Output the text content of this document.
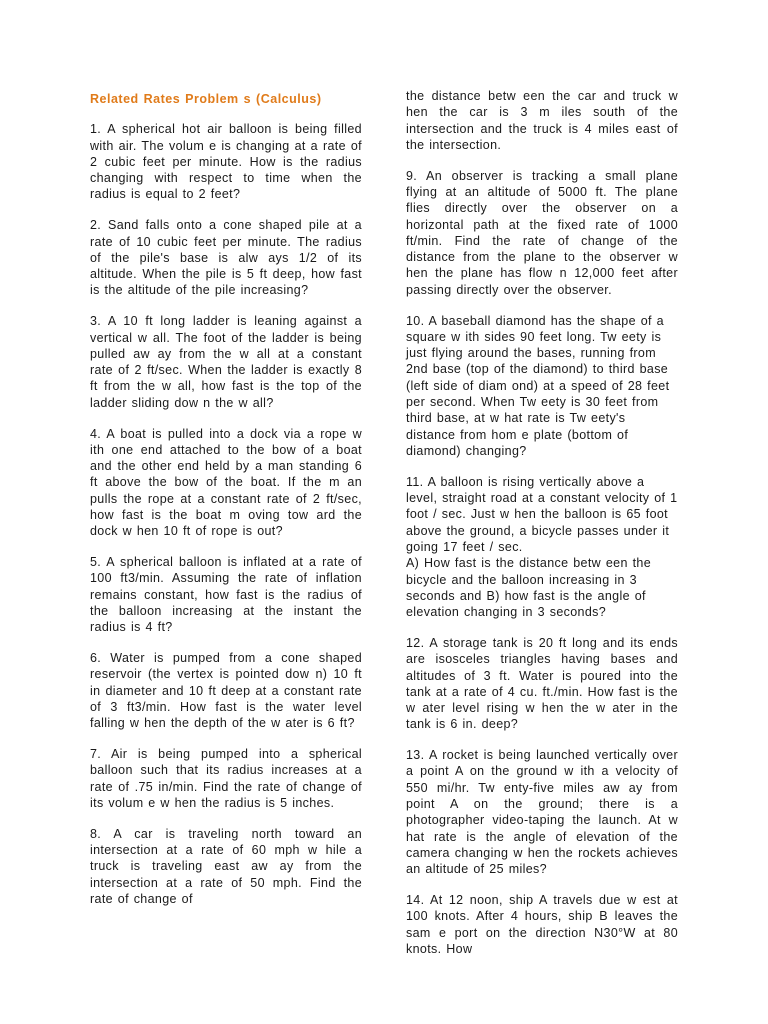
Related Rates Problem s (Calculus)

1. A spherical hot air balloon is being filled with air. The volum e is changing at a rate of 2 cubic feet per minute. How is the radius changing with respect to time when the radius is equal to 2 feet?

2. Sand falls onto a cone shaped pile at a rate of 10 cubic feet per minute. The radius of the pile's base is alw ays 1/2 of its altitude. When the pile is 5 ft deep, how fast is the altitude of the pile increasing?

3. A 10 ft long ladder is leaning against a vertical w all. The foot of the ladder is being pulled aw ay from the w all at a constant rate of 2 ft/sec. When the ladder is exactly 8 ft from the w all, how fast is the top of the ladder sliding dow n the w all?

4. A boat is pulled into a dock via a rope w ith one end attached to the bow of a boat and the other end held by a man standing 6 ft above the bow of the boat. If the m an pulls the rope at a constant rate of 2 ft/sec, how fast is the boat m oving tow ard the dock w hen 10 ft of rope is out?

5. A spherical balloon is inflated at a rate of 100 ft3/min. Assuming the rate of inflation remains constant, how fast is the radius of the balloon increasing at the instant the radius is 4 ft?

6. Water is pumped from a cone shaped reservoir (the vertex is pointed dow n) 10 ft in diameter and 10 ft deep at a constant rate of 3 ft3/min. How fast is the water level falling w hen the depth of the w ater is 6 ft?

7. Air is being pumped into a spherical balloon such that its radius increases at a rate of .75 in/min. Find the rate of change of its volum e w hen the radius is 5 inches.

8. A car is traveling north toward an intersection at a rate of 60 mph w hile a truck is traveling east aw ay from the intersection at a rate of 50 mph. Find the rate of change of

the distance betw een the car and truck w hen the car is 3 m iles south of the intersection and the truck is 4 miles east of the intersection.

9. An observer is tracking a small plane flying at an altitude of 5000 ft. The plane flies directly over the observer on a horizontal path at the fixed rate of 1000 ft/min. Find the rate of change of the distance from the plane to the observer w hen the plane has flow n 12,000 feet after passing directly over the observer.

10. A baseball diamond has the shape of a square w ith sides 90 feet long. Tw eety is just flying around the bases, running from 2nd base (top of the diamond) to third base (left side of diam ond) at a speed of 28 feet per second. When Tw eety is 30 feet from third base, at w hat rate is Tw eety's distance from hom e plate (bottom of diamond) changing?

11. A balloon is rising vertically above a level, straight road at a constant velocity of 1 foot / sec. Just w hen the balloon is 65 foot above the ground, a bicycle passes under it going 17 feet / sec.

A) How fast is the distance betw een the bicycle and the balloon increasing in 3 seconds and B) how fast is the angle of elevation changing in 3 seconds?

12. A storage tank is 20 ft long and its ends are isosceles triangles having bases and altitudes of 3 ft. Water is poured into the tank at a rate of 4 cu. ft./min. How fast is the w ater level rising w hen the w ater in the tank is 6 in. deep?

13. A rocket is being launched vertically over a point A on the ground w ith a velocity of 550 mi/hr. Tw enty-five miles aw ay from point A on the ground; there is a photographer video-taping the launch. At w hat rate is the angle of elevation of the camera changing w hen the rockets achieves an altitude of 25 miles?

14. At 12 noon, ship A travels due w est at 100 knots. After 4 hours, ship B leaves the sam e port on the direction N30°W at 80 knots. How
